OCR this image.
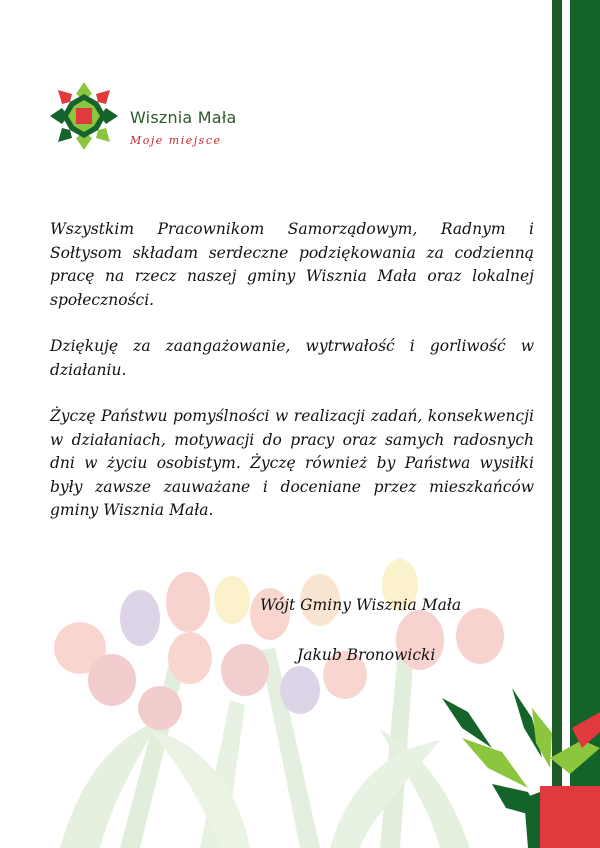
Wisznia Mała
Moje miejsce

Wszystkim Pracownikom Samorządowym, Radnym i Sołtysom składam serdeczne podziękowania za codzienną pracę na rzecz naszej gminy Wisznia Mała oraz lokalnej społeczności.

Dziękuję za zaangażowanie, wytrwałość i gorliwość w działaniu.

Życzę Państwu pomyślności w realizacji zadań, konsekwencji w działaniach, motywacji do pracy oraz samych radosnych dni w życiu osobistym. Życzę również by Państwa wysiłki były zawsze zauważane i doceniane przez mieszkańców gminy Wisznia Mała.

Wójt Gminy Wisznia Mała
Jakub Bronowicki
